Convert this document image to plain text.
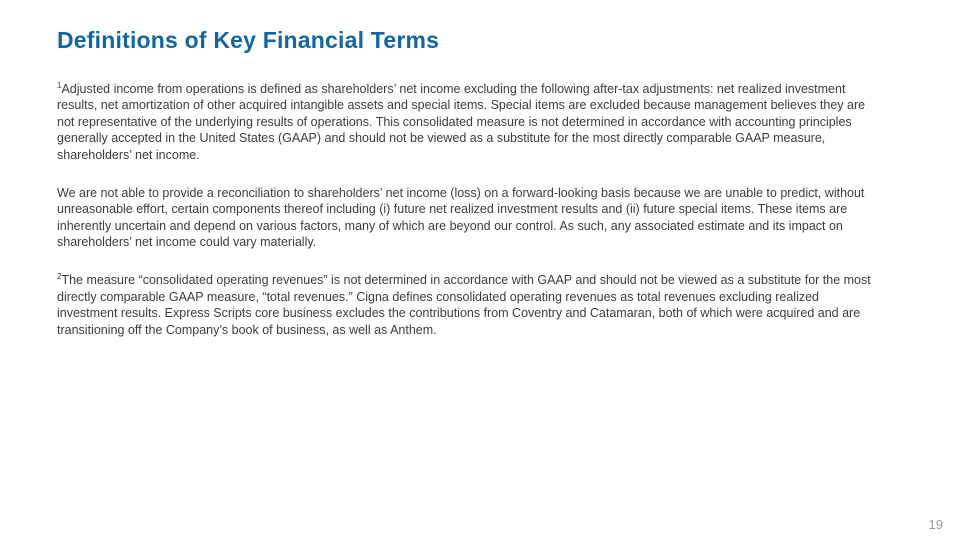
Definitions of Key Financial Terms

$^1$Adjusted income from operations is defined as shareholders’ net income excluding the following after-tax adjustments: net realized investment results, net amortization of other acquired intangible assets and special items. Special items are excluded because management believes they are not representative of the underlying results of operations. This consolidated measure is not determined in accordance with accounting principles generally accepted in the United States (GAAP) and should not be viewed as a substitute for the most directly comparable GAAP measure, shareholders’ net income.

We are not able to provide a reconciliation to shareholders’ net income (loss) on a forward-looking basis because we are unable to predict, without unreasonable effort, certain components thereof including (i) future net realized investment results and (ii) future special items. These items are inherently uncertain and depend on various factors, many of which are beyond our control. As such, any associated estimate and its impact on shareholders’ net income could vary materially.

$^2$The measure “consolidated operating revenues” is not determined in accordance with GAAP and should not be viewed as a substitute for the most directly comparable GAAP measure, “total revenues.” Cigna defines consolidated operating revenues as total revenues excluding realized investment results. Express Scripts core business excludes the contributions from Coventry and Catamaran, both of which were acquired and are transitioning off the Company’s book of business, as well as Anthem.

19
